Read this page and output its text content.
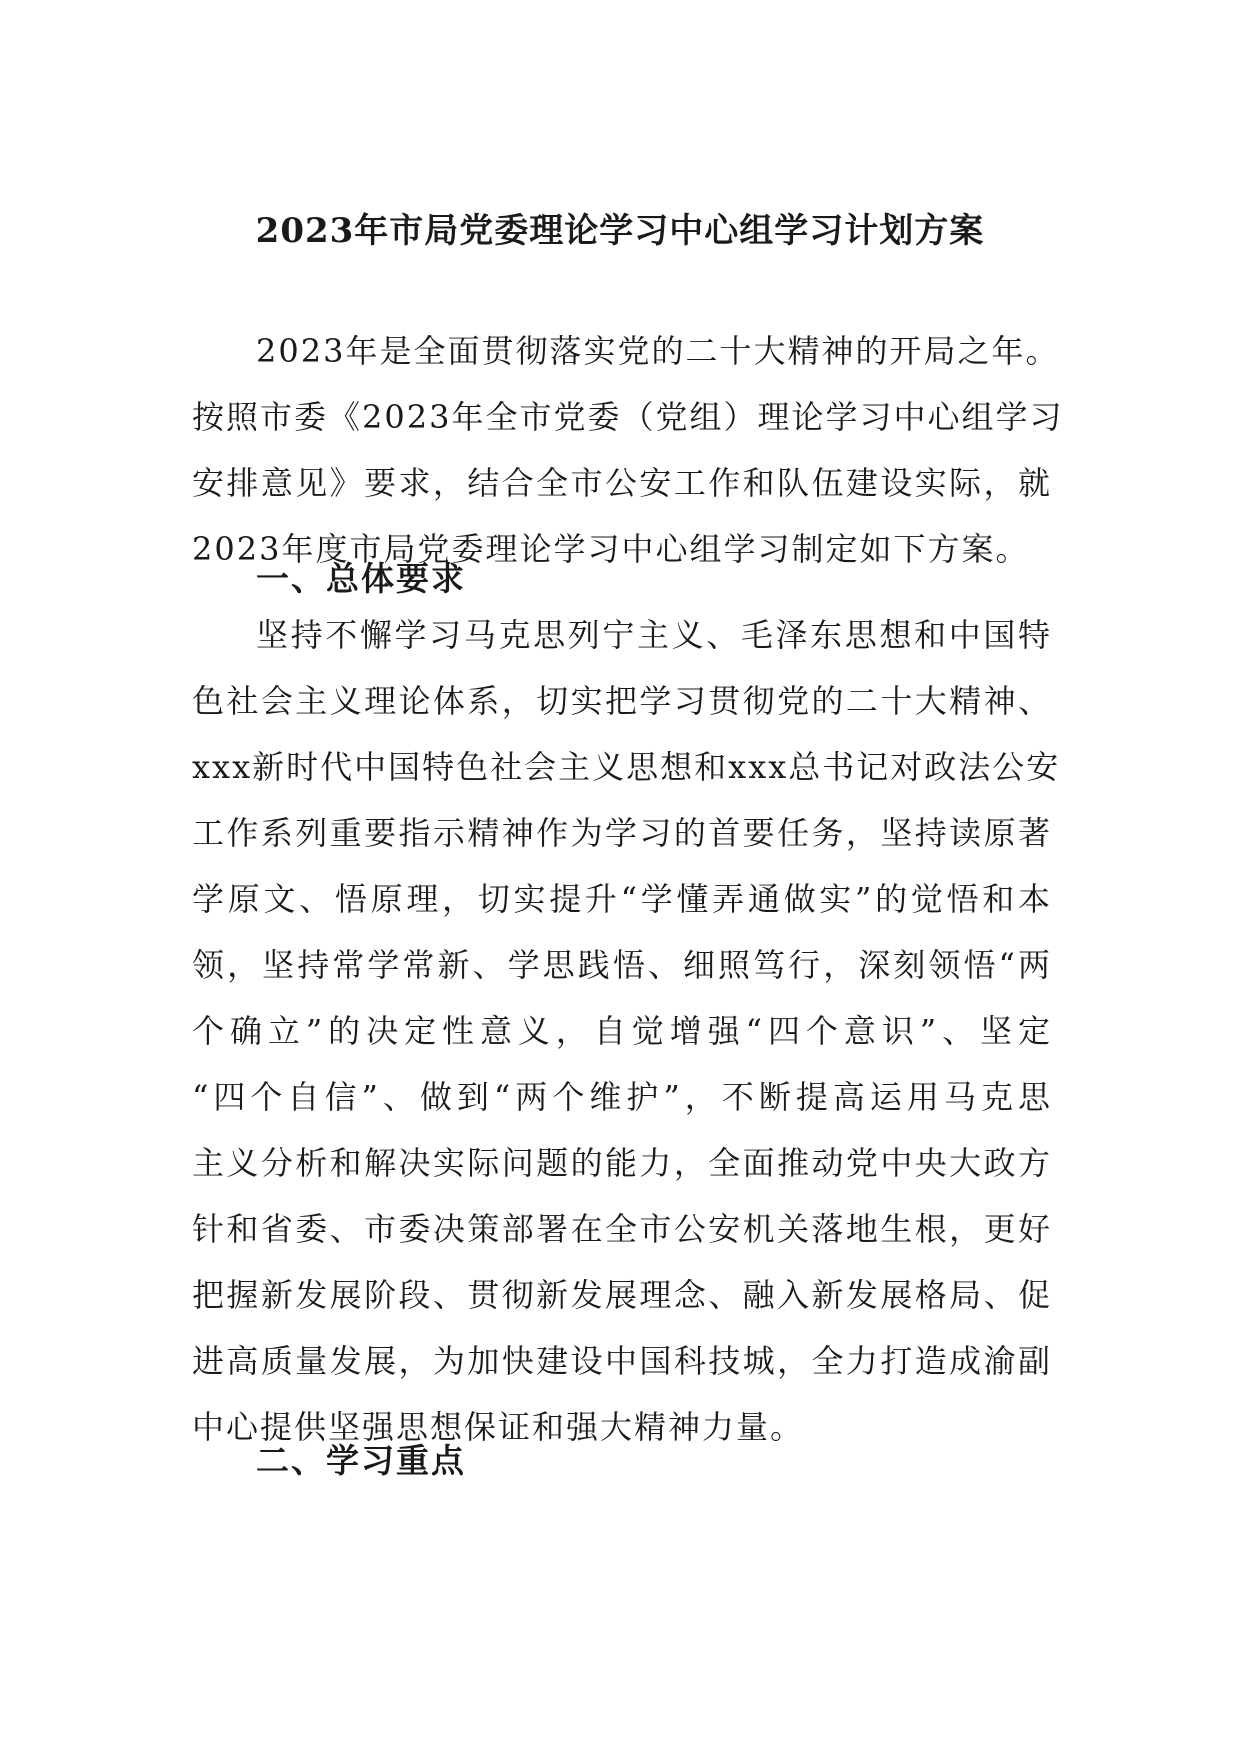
2023年市局党委理论学习中心组学习计划方案
2023年是全面贯彻落实党的二十大精神的开局之年。
按照市委《2023年全市党委（党组）理论学习中心组学习
安排意见》要求，结合全市公安工作和队伍建设实际，就
2023年度市局党委理论学习中心组学习制定如下方案。
一、总体要求
坚持不懈学习马克思列宁主义、毛泽东思想和中国特
色社会主义理论体系，切实把学习贯彻党的二十大精神、
xxx新时代中国特色社会主义思想和xxx总书记对政法公安
工作系列重要指示精神作为学习的首要任务，坚持读原著
学原文、悟原理，切实提升“学懂弄通做实”的觉悟和本
领，坚持常学常新、学思践悟、细照笃行，深刻领悟“两
个确立”的决定性意义，自觉增强“四个意识”、坚定
“四个自信”、做到“两个维护”，不断提高运用马克思
主义分析和解决实际问题的能力，全面推动党中央大政方
针和省委、市委决策部署在全市公安机关落地生根，更好
把握新发展阶段、贯彻新发展理念、融入新发展格局、促
进高质量发展，为加快建设中国科技城，全力打造成渝副
中心提供坚强思想保证和强大精神力量。
二、学习重点
